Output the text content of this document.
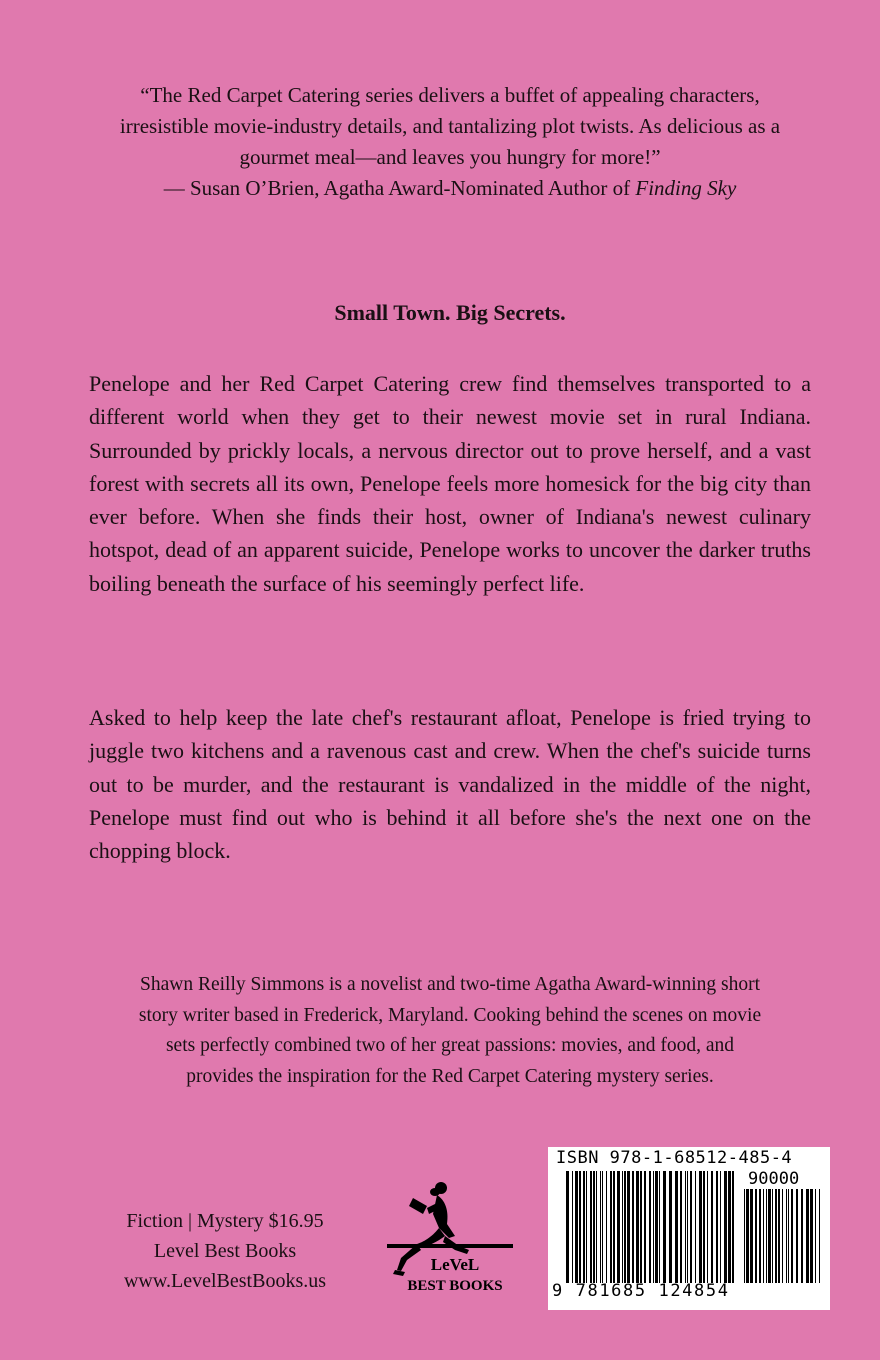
“The Red Carpet Catering series delivers a buffet of appealing characters, irresistible movie-industry details, and tantalizing plot twists. As delicious as a gourmet meal—and leaves you hungry for more!”
— Susan O’Brien, Agatha Award-Nominated Author of Finding Sky
Small Town. Big Secrets.
Penelope and her Red Carpet Catering crew find themselves transported to a different world when they get to their newest movie set in rural Indiana. Surrounded by prickly locals, a nervous director out to prove herself, and a vast forest with secrets all its own, Penelope feels more homesick for the big city than ever before. When she finds their host, owner of Indiana's newest culinary hotspot, dead of an apparent suicide, Penelope works to uncover the darker truths boiling beneath the surface of his seemingly perfect life.
Asked to help keep the late chef's restaurant afloat, Penelope is fried trying to juggle two kitchens and a ravenous cast and crew. When the chef's suicide turns out to be murder, and the restaurant is vandalized in the middle of the night, Penelope must find out who is behind it all before she's the next one on the chopping block.
Shawn Reilly Simmons is a novelist and two-time Agatha Award-winning short story writer based in Frederick, Maryland. Cooking behind the scenes on movie sets perfectly combined two of her great passions: movies, and food, and provides the inspiration for the Red Carpet Catering mystery series.
Fiction | Mystery $16.95
Level Best Books
www.LevelBestBooks.us
LeVeL
BEST BOOKS
ISBN 978-1-68512-485-4
90000
9 781685 124854
